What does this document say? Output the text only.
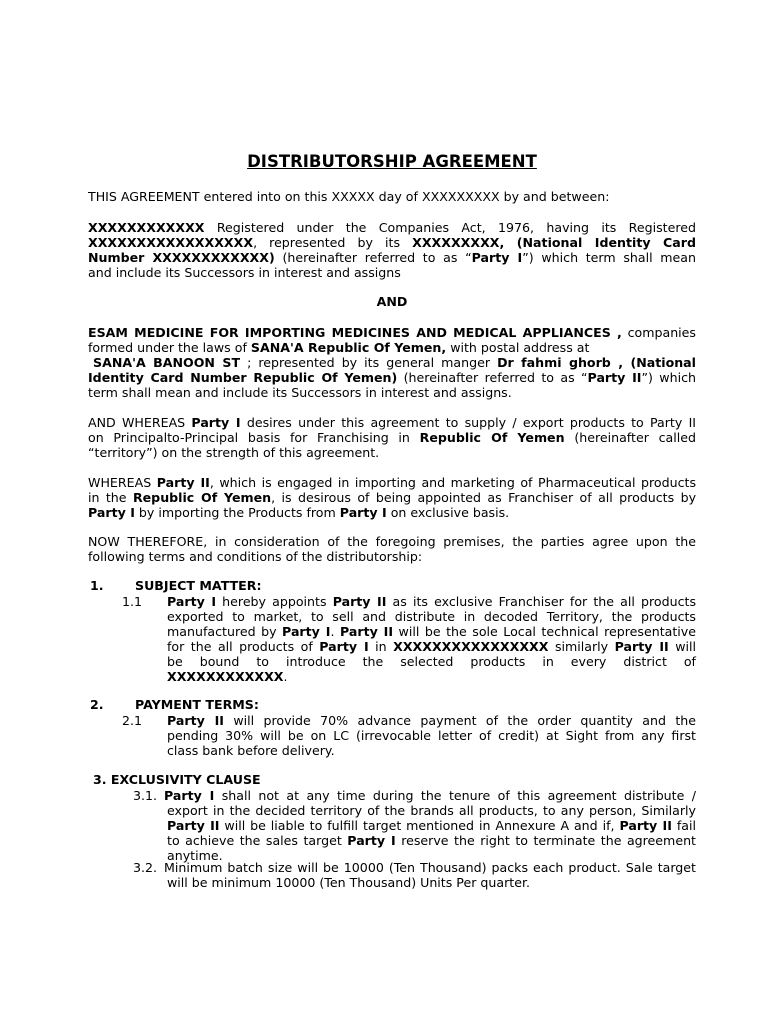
DISTRIBUTORSHIP AGREEMENT
THIS AGREEMENT entered into on this XXXXX day of XXXXXXXXX by and between:
XXXXXXXXXXXX Registered under the Companies Act, 1976, having its Registered
XXXXXXXXXXXXXXXXX, represented by its XXXXXXXXX, (National Identity Card
Number XXXXXXXXXXXX) (hereinafter referred to as “Party I”) which term shall mean
and include its Successors in interest and assigns
AND
ESAM MEDICINE FOR IMPORTING MEDICINES AND MEDICAL APPLIANCES , companies
formed under the laws of SANA'A Republic Of Yemen, with postal address at
SANA'A BANOON ST ; represented by its general manger Dr fahmi ghorb , (National
Identity Card Number Republic Of Yemen) (hereinafter referred to as “Party II”) which
term shall mean and include its Successors in interest and assigns.
AND WHEREAS Party I desires under this agreement to supply / export products to Party II
on Principalto-Principal basis for Franchising in Republic Of Yemen (hereinafter called
“territory”) on the strength of this agreement.
WHEREAS Party II, which is engaged in importing and marketing of Pharmaceutical products
in the Republic Of Yemen, is desirous of being appointed as Franchiser of all products by
Party I by importing the Products from Party I on exclusive basis.
NOW THEREFORE, in consideration of the foregoing premises, the parties agree upon the
following terms and conditions of the distributorship:
1. SUBJECT MATTER:
1.1 Party I hereby appoints Party II as its exclusive Franchiser for the all products
exported to market, to sell and distribute in decoded Territory, the products
manufactured by Party I. Party II will be the sole Local technical representative
for the all products of Party I in XXXXXXXXXXXXXXXX similarly Party II will
be bound to introduce the selected products in every district of
XXXXXXXXXXXX.
2. PAYMENT TERMS:
2.1 Party II will provide 70% advance payment of the order quantity and the
pending 30% will be on LC (irrevocable letter of credit) at Sight from any first
class bank before delivery.
3. EXCLUSIVITY CLAUSE
3.1. Party I shall not at any time during the tenure of this agreement distribute /
export in the decided territory of the brands all products, to any person, Similarly
Party II will be liable to fulfill target mentioned in Annexure A and if, Party II fail
to achieve the sales target Party I reserve the right to terminate the agreement
anytime.
3.2. Minimum batch size will be 10000 (Ten Thousand) packs each product. Sale target
will be minimum 10000 (Ten Thousand) Units Per quarter.
